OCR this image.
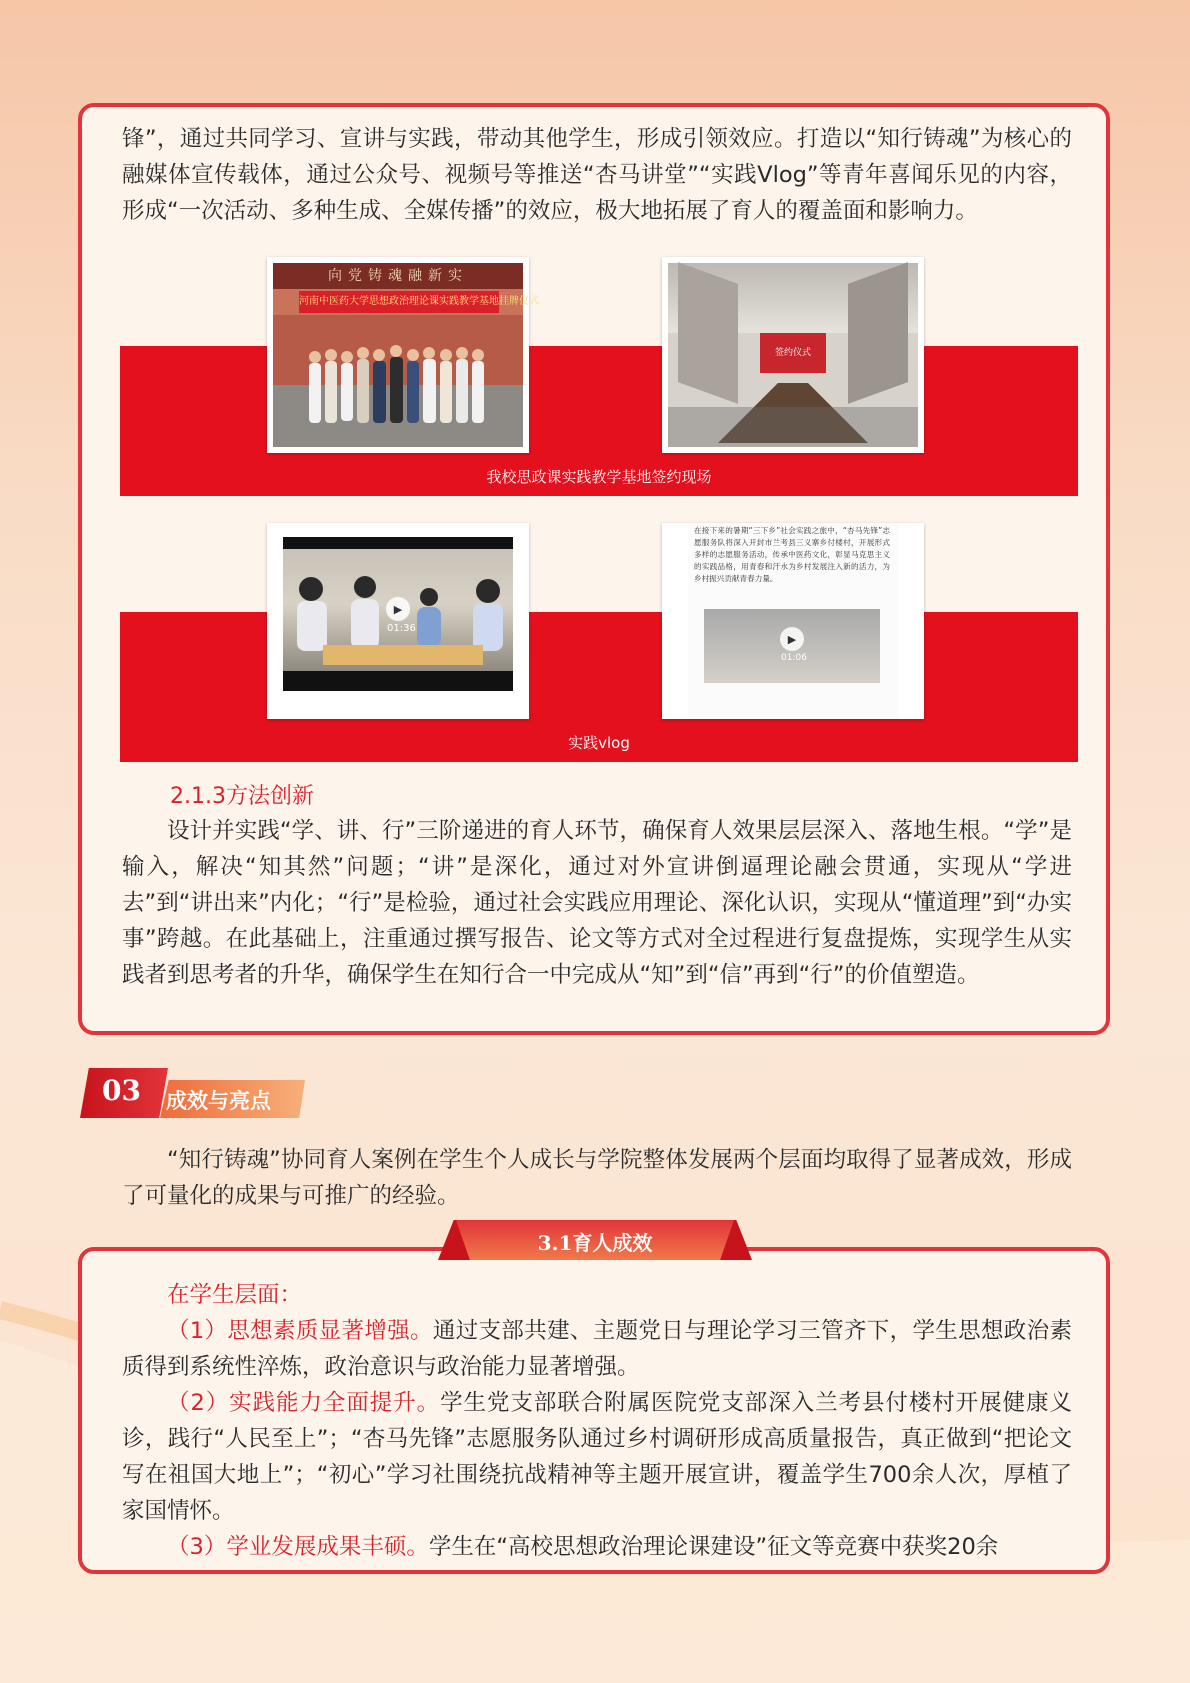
锋”，通过共同学习、宣讲与实践，带动其他学生，形成引领效应。打造以“知行铸魂”为核心的融媒体宣传载体，通过公众号、视频号等推送“杏马讲堂”“实践Vlog”等青年喜闻乐见的内容，形成“一次活动、多种生成、全媒传播”的效应，极大地拓展了育人的覆盖面和影响力。

我校思政课实践教学基地签约现场
向党铸魂融新实
河南中医药大学思想政治理论课实践教学基地挂牌仪式
签约仪式
实践vlog
▶
01:36
在接下来的暑期“三下乡”社会实践之旅中，“杏马先锋”志愿服务队将深入开封市兰考县三义寨乡付楼村，开展形式多样的志愿服务活动，传承中医药文化，彰显马克思主义的实践品格，用青春和汗水为乡村发展注入新的活力，为乡村振兴贡献青春力量。
▶
01:06
2.1.3方法创新

设计并实践“学、讲、行”三阶递进的育人环节，确保育人效果层层深入、落地生根。“学”是输入，解决“知其然”问题；“讲”是深化，通过对外宣讲倒逼理论融会贯通，实现从“学进去”到“讲出来”内化；“行”是检验，通过社会实践应用理论、深化认识，实现从“懂道理”到“办实事”跨越。在此基础上，注重通过撰写报告、论文等方式对全过程进行复盘提炼，实现学生从实践者到思考者的升华，确保学生在知行合一中完成从“知”到“信”再到“行”的价值塑造。

03 成效与亮点

“知行铸魂”协同育人案例在学生个人成长与学院整体发展两个层面均取得了显著成效，形成了可量化的成果与可推广的经验。

在学生层面：
（1）思想素质显著增强。通过支部共建、主题党日与理论学习三管齐下，学生思想政治素质得到系统性淬炼，政治意识与政治能力显著增强。
（2）实践能力全面提升。学生党支部联合附属医院党支部深入兰考县付楼村开展健康义诊，践行“人民至上”；“杏马先锋”志愿服务队通过乡村调研形成高质量报告，真正做到“把论文写在祖国大地上”；“初心”学习社围绕抗战精神等主题开展宣讲，覆盖学生700余人次，厚植了家国情怀。
（3）学业发展成果丰硕。学生在“高校思想政治理论课建设”征文等竞赛中获奖20余

3.1育人成效
